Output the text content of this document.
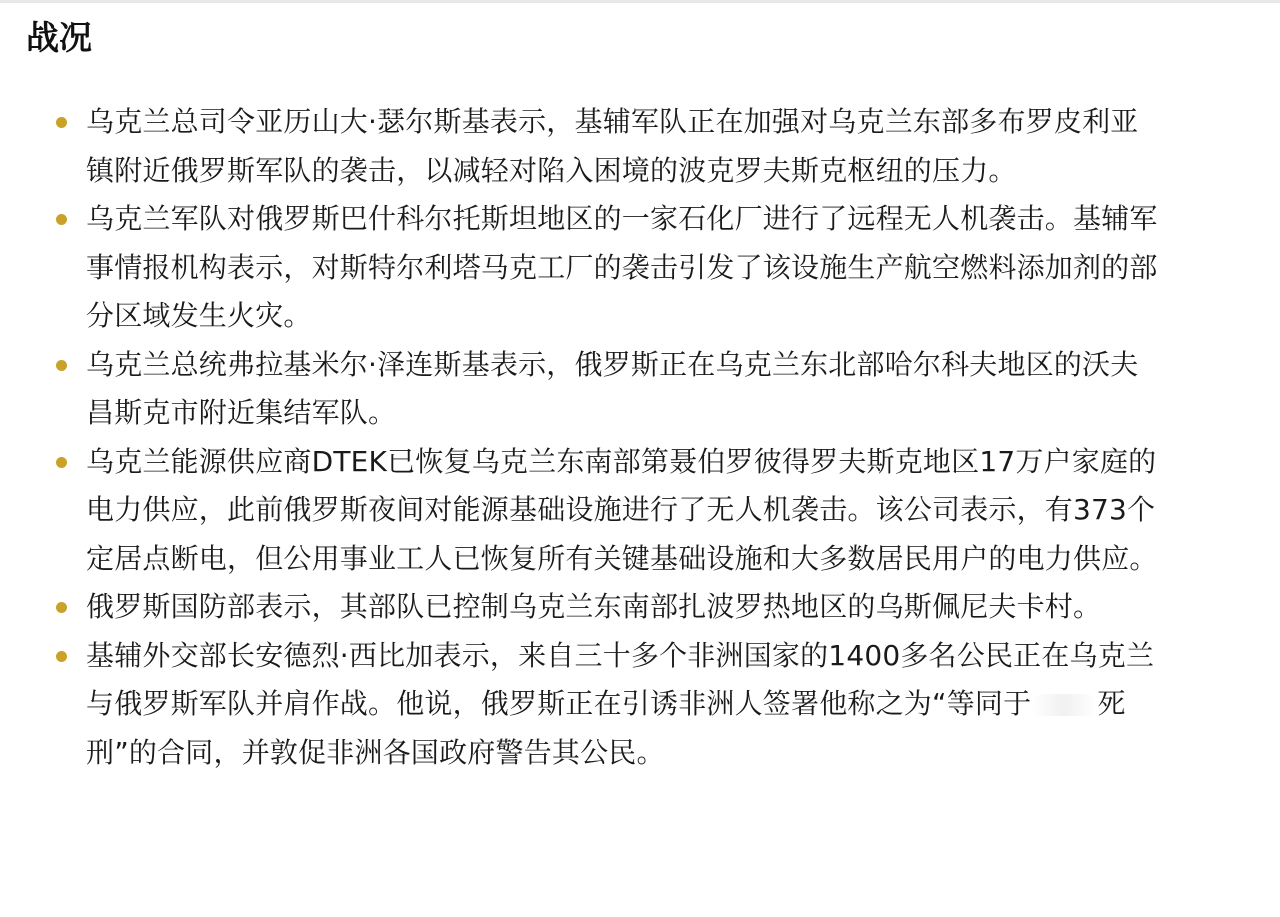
战况
乌克兰总司令亚历山大·瑟尔斯基表示，基辅军队正在加强对乌克兰东部多布罗皮利亚镇附近俄罗斯军队的袭击，以减轻对陷入困境的波克罗夫斯克枢纽的压力。
乌克兰军队对俄罗斯巴什科尔托斯坦地区的一家石化厂进行了远程无人机袭击。基辅军事情报机构表示，对斯特尔利塔马克工厂的袭击引发了该设施生产航空燃料添加剂的部分区域发生火灾。
乌克兰总统弗拉基米尔·泽连斯基表示，俄罗斯正在乌克兰东北部哈尔科夫地区的沃夫昌斯克市附近集结军队。
乌克兰能源供应商DTEK已恢复乌克兰东南部第聂伯罗彼得罗夫斯克地区17万户家庭的电力供应，此前俄罗斯夜间对能源基础设施进行了无人机袭击。该公司表示，有373个定居点断电，但公用事业工人已恢复所有关键基础设施和大多数居民用户的电力供应。
俄罗斯国防部表示，其部队已控制乌克兰东南部扎波罗热地区的乌斯佩尼夫卡村。
基辅外交部长安德烈·西比加表示，来自三十多个非洲国家的1400多名公民正在乌克兰与俄罗斯军队并肩作战。他说，俄罗斯正在引诱非洲人签署他称之为“等同于 死刑”的合同，并敦促非洲各国政府警告其公民。
